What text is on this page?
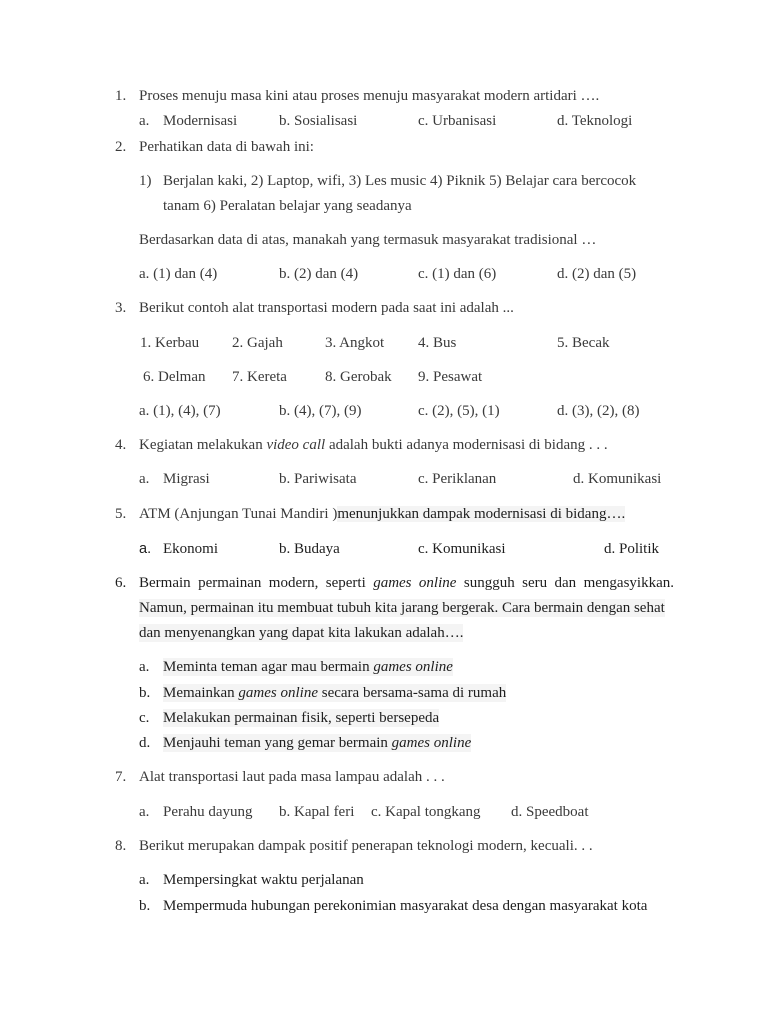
1. Proses menuju masa kini atau proses menuju masyarakat modern artidari ….
a. Modernisasi	b. Sosialisasi	c. Urbanisasi	d. Teknologi
2. Perhatikan data di bawah ini:
1) Berjalan kaki, 2) Laptop, wifi, 3) Les music 4) Piknik 5) Belajar cara bercocok
tanam 6) Peralatan belajar yang seadanya
Berdasarkan data di atas, manakah yang termasuk masyarakat tradisional …
a. (1) dan (4)	b. (2) dan (4)	c. (1) dan (6)	d. (2) dan (5)
3. Berikut contoh alat transportasi modern pada saat ini adalah ...
1. Kerbau 2. Gajah	3. Angkot 4. Bus	5. Becak
6. Delman 7. Kereta	8. Gerobak 9. Pesawat
a. (1), (4), (7)	b. (4), (7), (9)	c. (2), (5), (1)	d. (3), (2), (8)
4. Kegiatan melakukan video call adalah bukti adanya modernisasi di bidang . . .
a. Migrasi	b. Pariwisata	c. Periklanan	d. Komunikasi
5. ATM (Anjungan Tunai Mandiri )menunjukkan dampak modernisasi di bidang….
a. Ekonomi	b. Budaya	c. Komunikasi	d. Politik
6. Bermain permainan modern, seperti games online sungguh seru dan mengasyikkan.
Namun, permainan itu membuat tubuh kita jarang bergerak. Cara bermain dengan sehat
dan menyenangkan yang dapat kita lakukan adalah….
a. Meminta teman agar mau bermain games online
b. Memainkan games online secara bersama-sama di rumah
c. Melakukan permainan fisik, seperti bersepeda
d. Menjauhi teman yang gemar bermain games online
7. Alat transportasi laut pada masa lampau adalah . . .
a. Perahu dayung b. Kapal feri c. Kapal tongkang d. Speedboat
8. Berikut merupakan dampak positif penerapan teknologi modern, kecuali. . .
a. Mempersingkat waktu perjalanan
b. Mempermuda hubungan perekonimian masyarakat desa dengan masyarakat kota
